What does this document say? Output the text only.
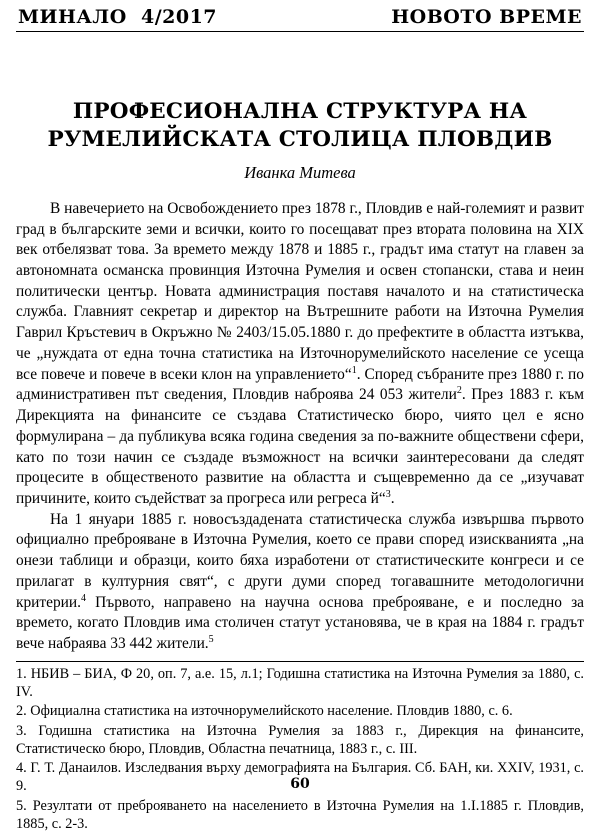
МИНАЛО  4/2017	НОВОТО ВРЕМЕ
ПРОФЕСИОНАЛНА СТРУКТУРА НА
РУМЕЛИЙСКАТА СТОЛИЦА ПЛОВДИВ
Иванка Митева

В навечерието на Освобождението през 1878 г., Пловдив е най-големият и развит град в българските земи и всички, които го посещават през втората половина на XIX век отбелязват това. За времето между 1878 и 1885 г., градът има статут на главен за автономната османска провинция Източна Румелия и освен стопански, става и неин политически център. Новата администрация поставя началото и на статистическа служба. Главният секретар и директор на Вътрешните работи на Източна Румелия Гаврил Кръстевич в Окръжно № 2403/15.05.1880 г. до префектите в областта изтъква, че „нуждата от една точна статистика на Източнорумелийското население се усеща все повече и повече в всеки клон на управлението“$^1$. Според събраните през 1880 г. по административен път сведения, Пловдив наброява 24 053 жители$^2$. През 1883 г. към Дирекцията на финансите се създава Статистическо бюро, чиято цел е ясно формулирана – да публикува всяка година сведения за по-важните обществени сфери, като по този начин се създаде възможност на всички заинтересовани да следят процесите в общественото развитие на областта и същевременно да се „изучават причините, които съдействат за прогреса или регреса й“$^3$.

На 1 януари 1885 г. новосъздадената статистическа служба извършва първото официално преброяване в Източна Румелия, което се прави според изискванията „на онези таблици и образци, които бяха изработени от статистическите конгреси и се прилагат в културния свят“, с други думи според тогавашните методологични критерии.$^4$ Първото, направено на научна основа преброяване, е и последно за времето, когато Пловдив има столичен статут установява, че в края на 1884 г. градът вече набраява 33 442 жители.$^5$

1. НБИВ – БИА, Ф 20, оп. 7, а.е. 15, л.1; Годишна статистика на Източна Румелия за 1880, с. IV.

2. Официална статистика на източнорумелийското население. Пловдив 1880, с. 6.

3. Годишна статистика на Източна Румелия за 1883 г., Дирекция на финансите, Статистическо бюро, Пловдив, Областна печатница, 1883 г., с. III.

4. Г. Т. Данаилов. Изследвания върху демографията на България. Сб. БАН, ки. XXIV, 1931, с. 9.

5. Резултати от преброяването на населението в Източна Румелия на 1.I.1885 г. Пловдив, 1885, с. 2-3.

60
